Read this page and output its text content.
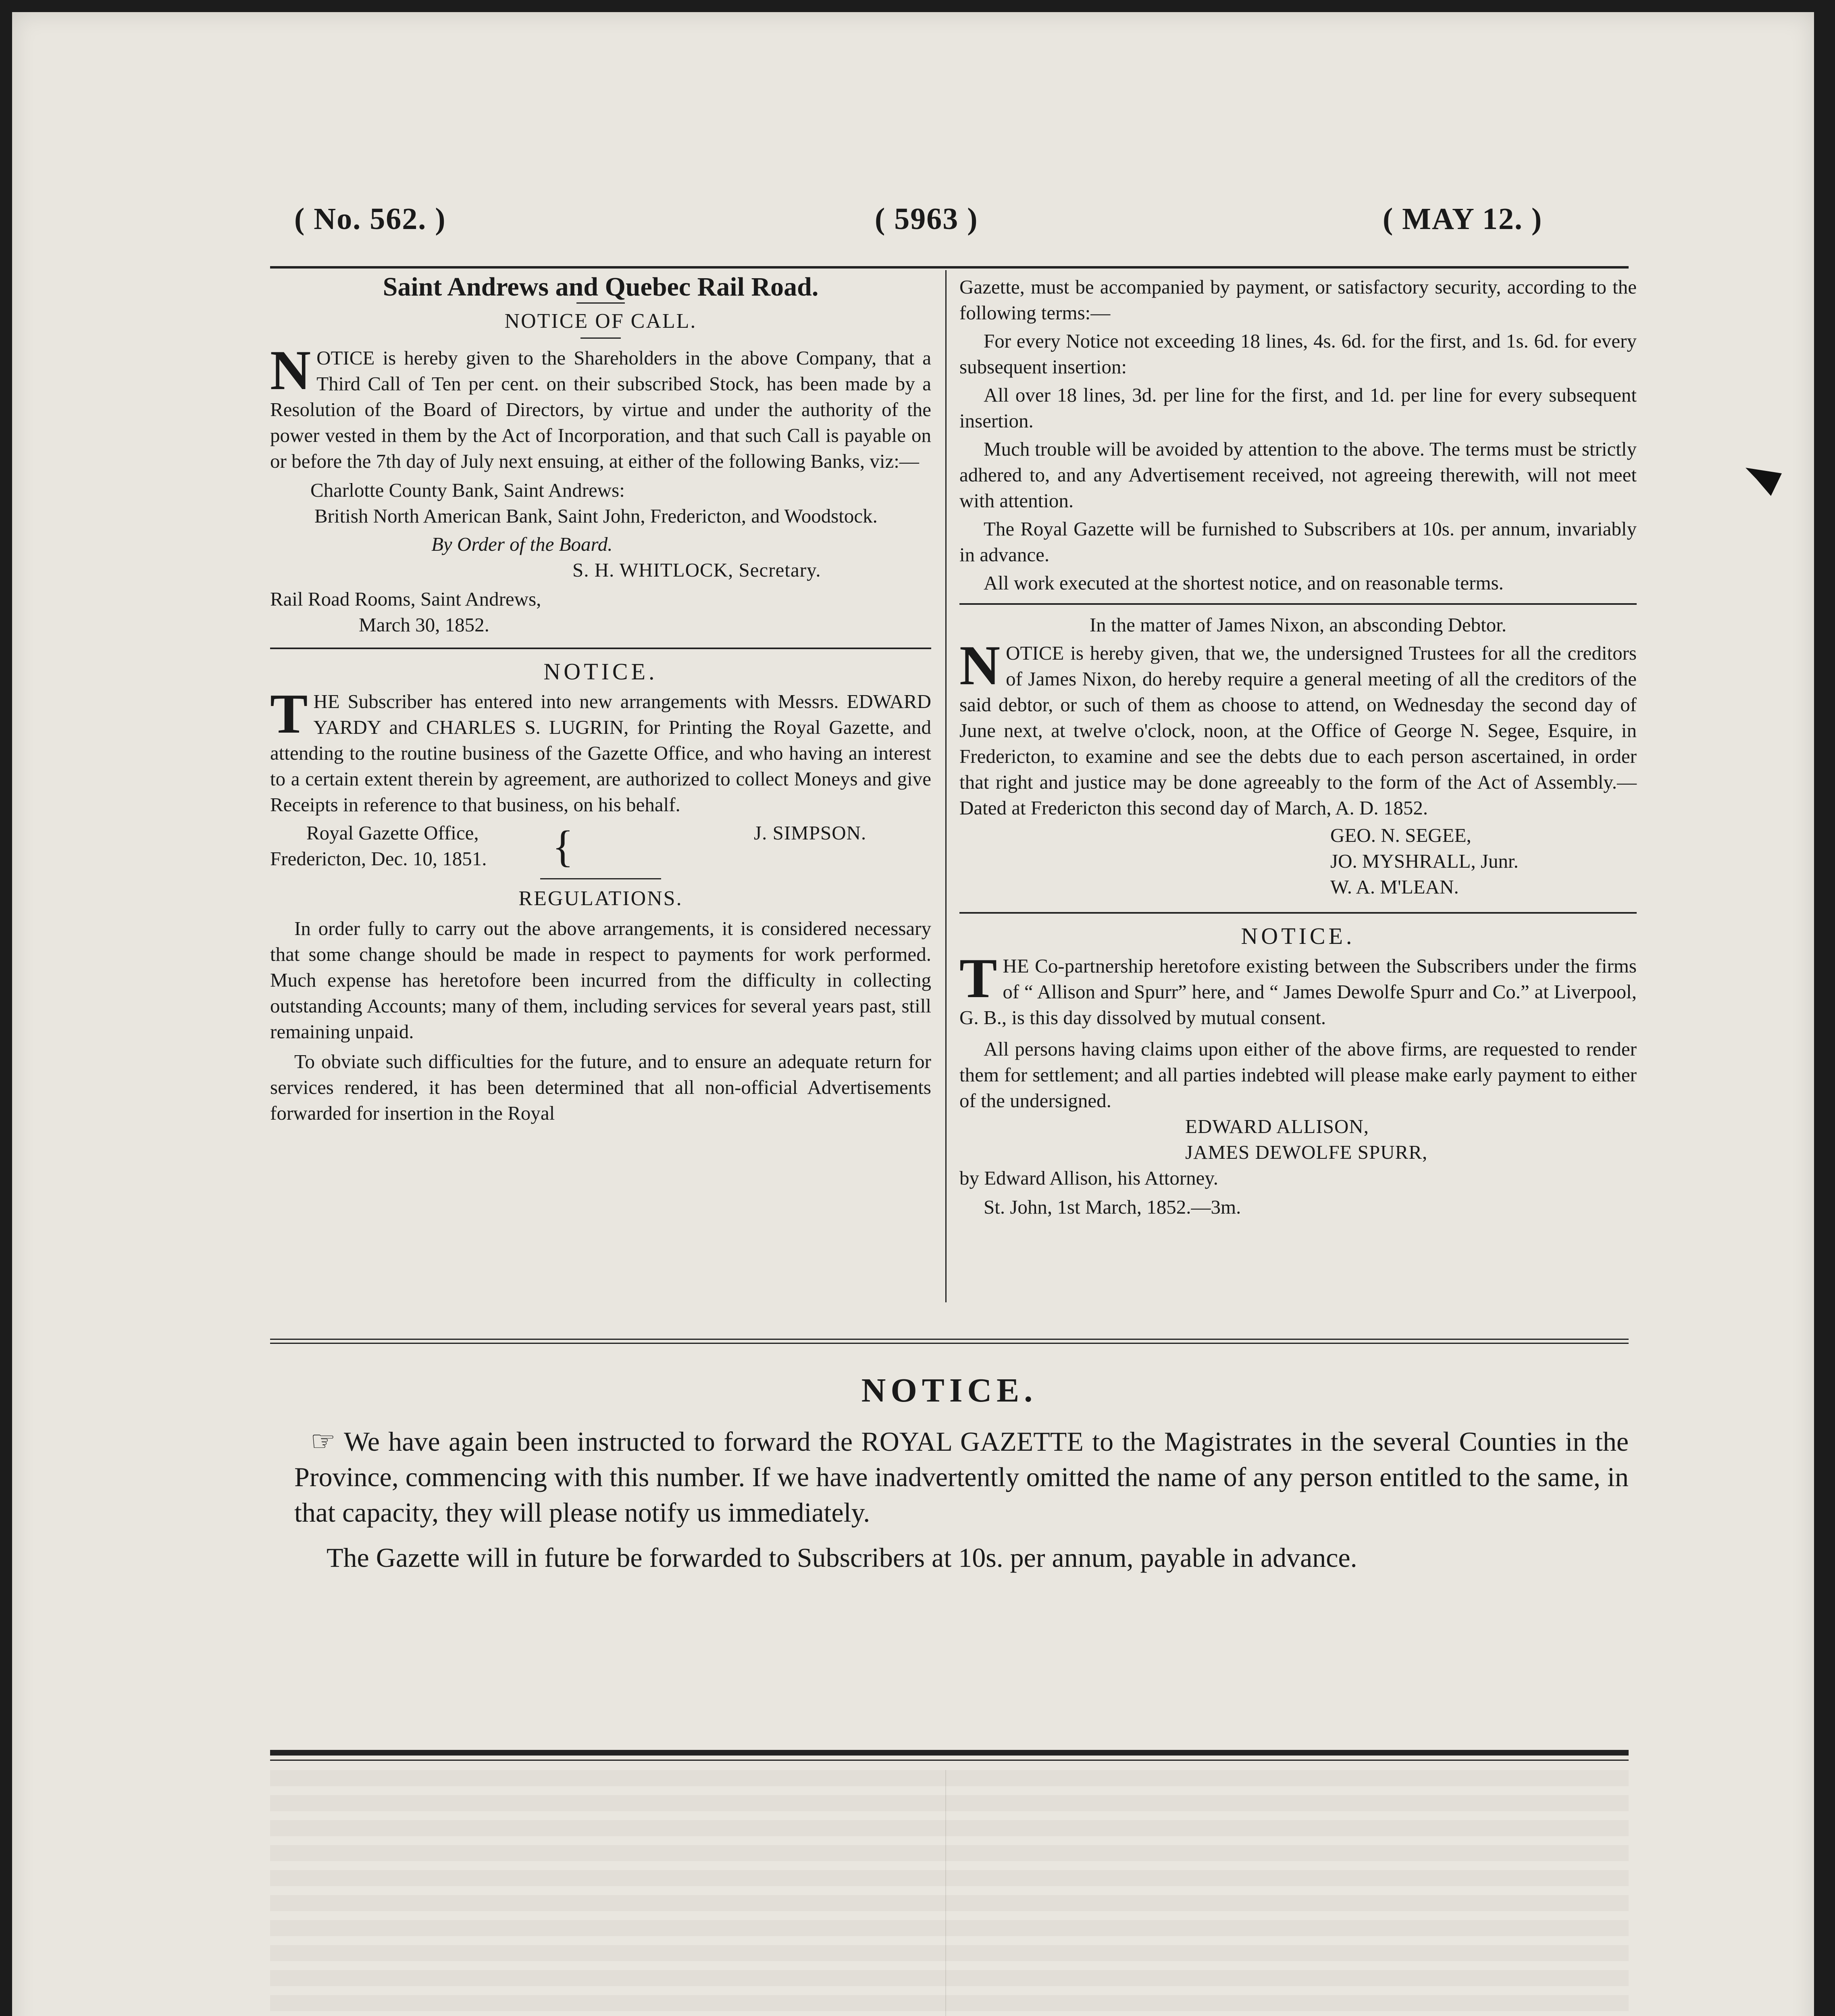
( No. 562. )	( 5963 )	( MAY 12. )
Saint Andrews and Quebec Rail Road.
NOTICE OF CALL.

NOTICE is hereby given to the Shareholders in the above Company, that a Third Call of Ten per cent. on their subscribed Stock, has been made by a Resolution of the Board of Directors, by virtue and under the authority of the power vested in them by the Act of Incorporation, and that such Call is payable on or before the 7th day of July next ensuing, at either of the following Banks, viz:—

Charlotte County Bank, Saint Andrews:

British North American Bank, Saint John, Fredericton, and Woodstock.

By Order of the Board.

S. H. WHITLOCK, Secretary.

Rail Road Rooms, Saint Andrews,

March 30, 1852.

NOTICE.

THE Subscriber has entered into new arrangements with Messrs. EDWARD YARDY and CHARLES S. LUGRIN, for Printing the Royal Gazette, and attending to the routine business of the Gazette Office, and who having an interest to a certain extent therein by agreement, are authorized to collect Moneys and give Receipts in reference to that business, on his behalf.

Royal Gazette Office,
Fredericton, Dec. 10, 1851. {	J. SIMPSON.
REGULATIONS.

In order fully to carry out the above arrangements, it is considered necessary that some change should be made in respect to payments for work performed. Much expense has heretofore been incurred from the difficulty in collecting outstanding Accounts; many of them, including services for several years past, still remaining unpaid.

To obviate such difficulties for the future, and to ensure an adequate return for services rendered, it has been determined that all non-official Advertisements forwarded for insertion in the Royal

Gazette, must be accompanied by payment, or satisfactory security, according to the following terms:—

For every Notice not exceeding 18 lines, 4s. 6d. for the first, and 1s. 6d. for every subsequent insertion:

All over 18 lines, 3d. per line for the first, and 1d. per line for every subsequent insertion.

Much trouble will be avoided by attention to the above. The terms must be strictly adhered to, and any Advertisement received, not agreeing therewith, will not meet with attention.

The Royal Gazette will be furnished to Subscribers at 10s. per annum, invariably in advance.

All work executed at the shortest notice, and on reasonable terms.

In the matter of James Nixon, an absconding Debtor.

NOTICE is hereby given, that we, the undersigned Trustees for all the creditors of James Nixon, do hereby require a general meeting of all the creditors of the said debtor, or such of them as choose to attend, on Wednesday the second day of June next, at twelve o'clock, noon, at the Office of George N. Segee, Esquire, in Fredericton, to examine and see the debts due to each person ascertained, in order that right and justice may be done agreeably to the form of the Act of Assembly.—Dated at Fredericton this second day of March, A. D. 1852.

GEO. N. SEGEE,

JO. MYSHRALL, Junr.

W. A. M'LEAN.

NOTICE.

THE Co-partnership heretofore existing between the Subscribers under the firms of “ Allison and Spurr” here, and “ James Dewolfe Spurr and Co.” at Liverpool, G. B., is this day dissolved by mutual consent.

All persons having claims upon either of the above firms, are requested to render them for settlement; and all parties indebted will please make early payment to either of the undersigned.

EDWARD ALLISON,

JAMES DEWOLFE SPURR,

by Edward Allison, his Attorney.

St. John, 1st March, 1852.—3m.

NOTICE.

☞ We have again been instructed to forward the ROYAL GAZETTE to the Magistrates in the several Counties in the Province, commencing with this number. If we have inadvertently omitted the name of any person entitled to the same, in that capacity, they will please notify us immediately.

The Gazette will in future be forwarded to Subscribers at 10s. per annum, payable in advance.
